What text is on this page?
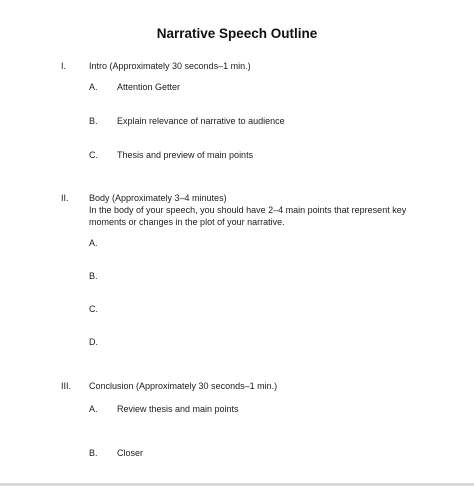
Narrative Speech Outline
I.	Intro (Approximately 30 seconds–1 min.)
A. Attention Getter
B. Explain relevance of narrative to audience
C. Thesis and preview of main points
II. Body (Approximately 3–4 minutes)
In the body of your speech, you should have 2–4 main points that represent key
moments or changes in the plot of your narrative.
A.
B.
C.
D.
III. Conclusion (Approximately 30 seconds–1 min.)
A. Review thesis and main points
B. Closer
